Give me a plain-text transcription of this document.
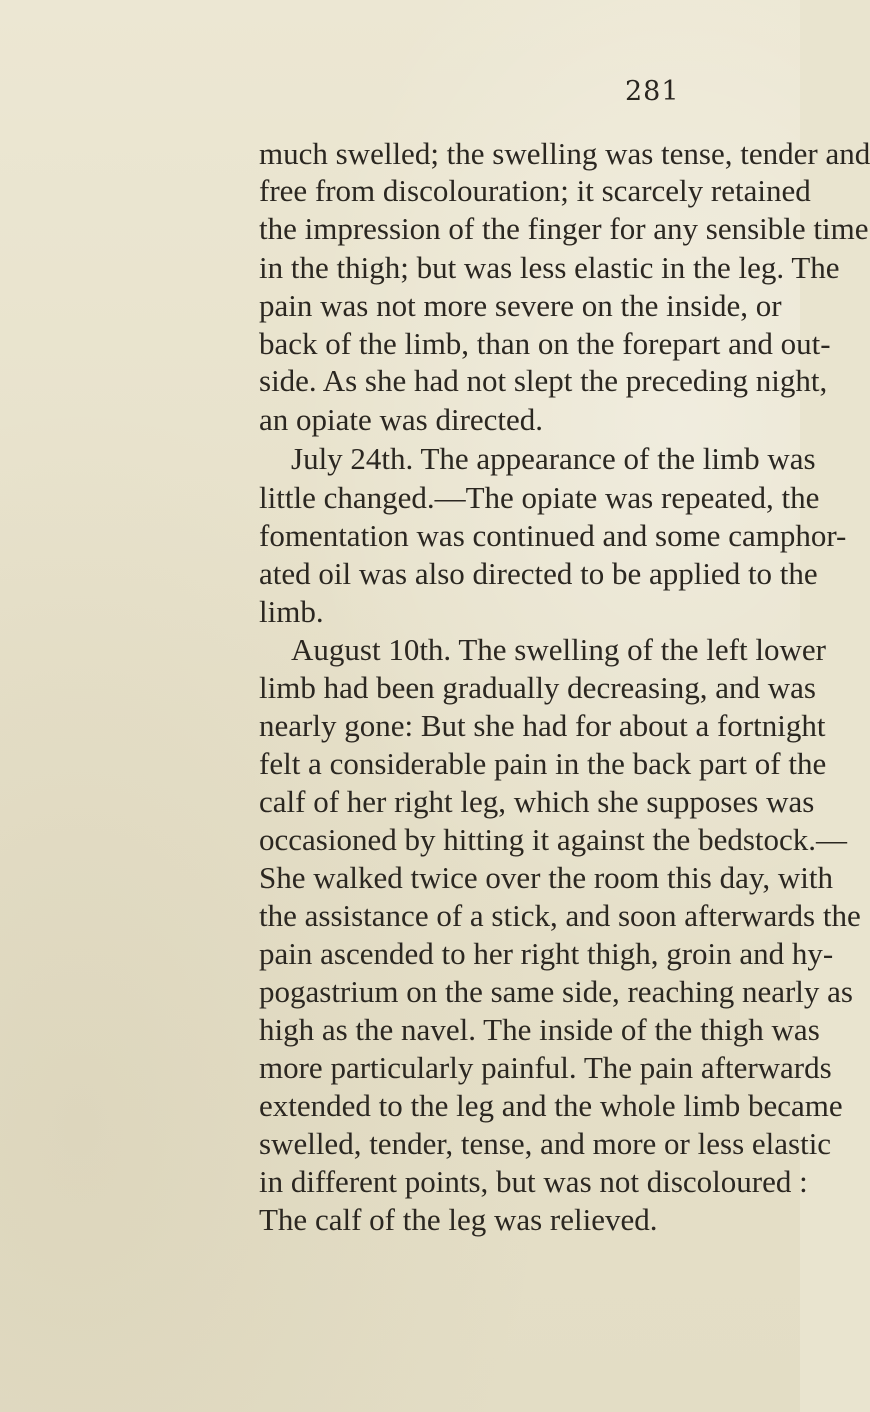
281
much swelled; the swelling was tense, tender and
free from discolouration; it scarcely retained
the impression of the finger for any sensible time
in the thigh; but was less elastic in the leg. The
pain was not more severe on the inside, or
back of the limb, than on the forepart and out-
side. As she had not slept the preceding night,
an opiate was directed.
July 24th. The appearance of the limb was
little changed.—The opiate was repeated, the
fomentation was continued and some camphor-
ated oil was also directed to be applied to the
limb.
August 10th. The swelling of the left lower
limb had been gradually decreasing, and was
nearly gone: But she had for about a fortnight
felt a considerable pain in the back part of the
calf of her right leg, which she supposes was
occasioned by hitting it against the bedstock.—
She walked twice over the room this day, with
the assistance of a stick, and soon afterwards the
pain ascended to her right thigh, groin and hy-
pogastrium on the same side, reaching nearly as
high as the navel. The inside of the thigh was
more particularly painful. The pain afterwards
extended to the leg and the whole limb became
swelled, tender, tense, and more or less elastic
in different points, but was not discoloured :
The calf of the leg was relieved.
